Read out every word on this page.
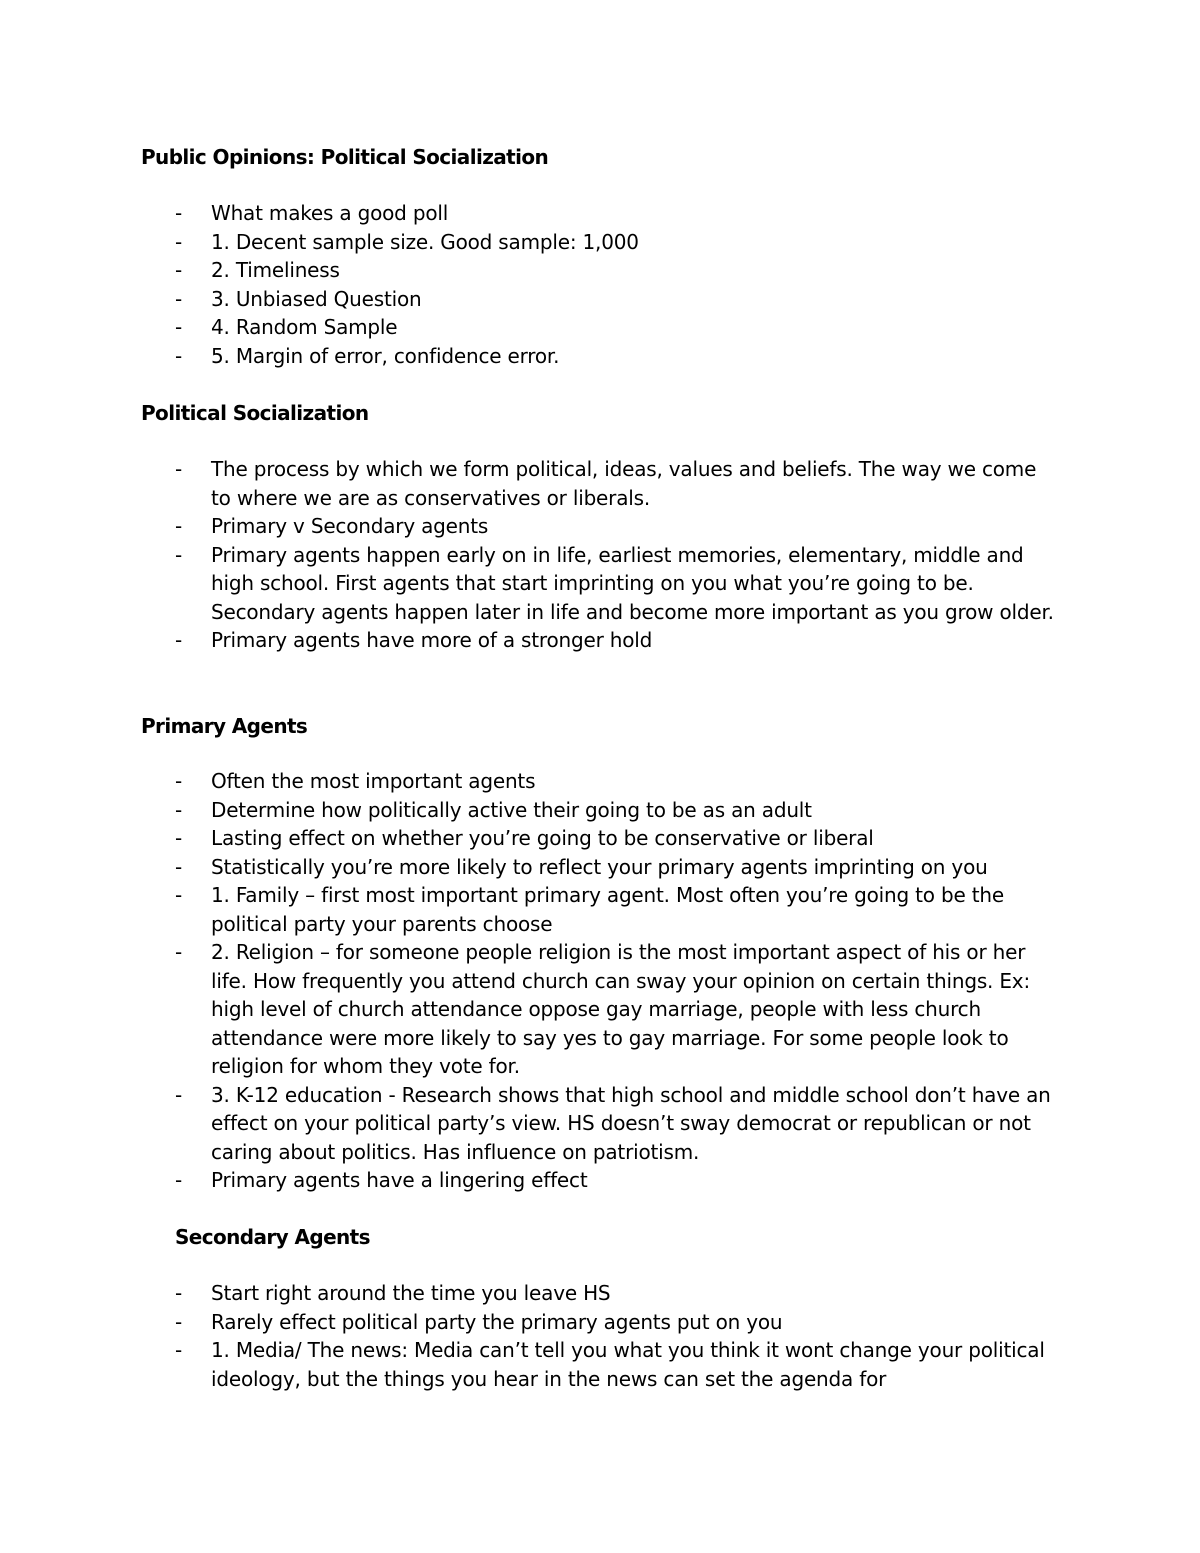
Public Opinions: Political Socialization
- What makes a good poll
- 1. Decent sample size. Good sample: 1,000
- 2. Timeliness
- 3. Unbiased Question
- 4. Random Sample
- 5. Margin of error, confidence error.
Political Socialization
- The process by which we form political, ideas, values and beliefs. The way we come to where we are as conservatives or liberals.
- Primary v Secondary agents
- Primary agents happen early on in life, earliest memories, elementary, middle and high school. First agents that start imprinting on you what you’re going to be. Secondary agents happen later in life and become more important as you grow older.
- Primary agents have more of a stronger hold
Primary Agents
- Often the most important agents
- Determine how politically active their going to be as an adult
- Lasting effect on whether you’re going to be conservative or liberal
- Statistically you’re more likely to reflect your primary agents imprinting on you
- 1. Family – first most important primary agent. Most often you’re going to be the political party your parents choose
- 2. Religion – for someone people religion is the most important aspect of his or her life. How frequently you attend church can sway your opinion on certain things. Ex: high level of church attendance oppose gay marriage, people with less church attendance were more likely to say yes to gay marriage. For some people look to religion for whom they vote for.
- 3. K-12 education - Research shows that high school and middle school don’t have an effect on your political party’s view. HS doesn’t sway democrat or republican or not caring about politics. Has influence on patriotism.
- Primary agents have a lingering effect
Secondary Agents
- Start right around the time you leave HS
- Rarely effect political party the primary agents put on you
- 1. Media/ The news: Media can’t tell you what you think it wont change your political ideology, but the things you hear in the news can set the agenda for
